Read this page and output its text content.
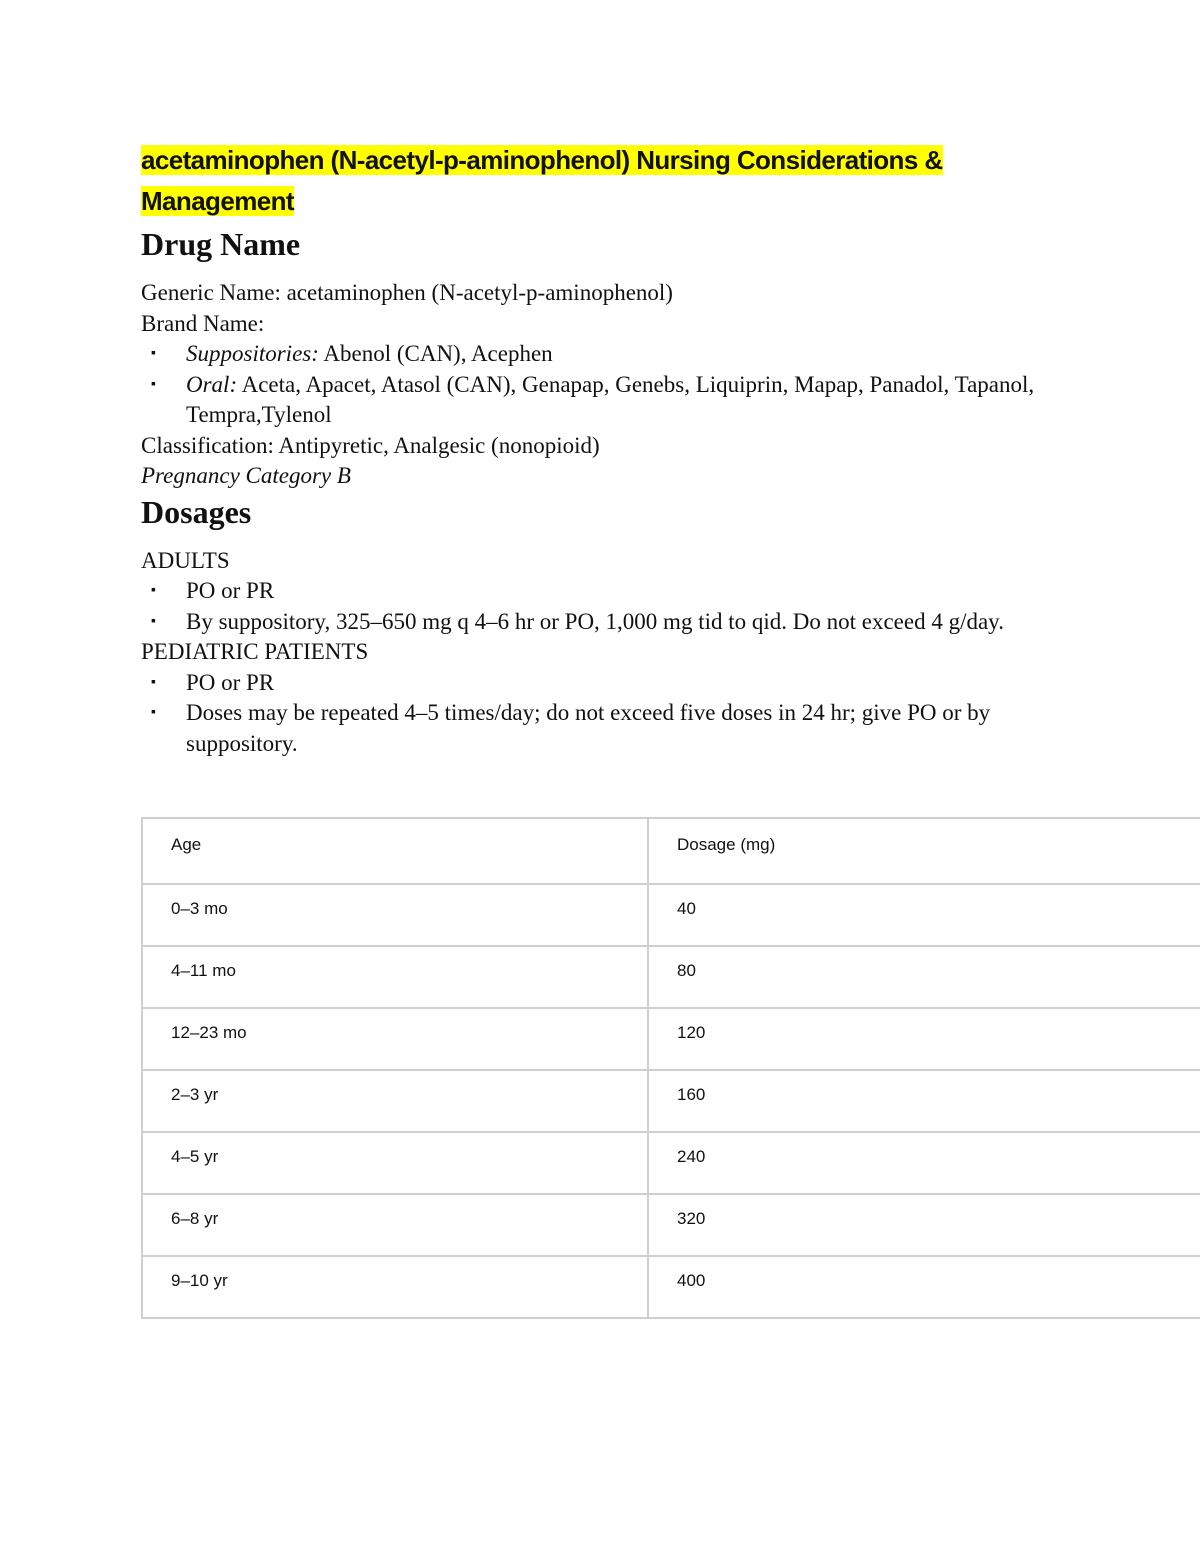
acetaminophen (N-acetyl-p-aminophenol) Nursing Considerations & Management
Drug Name

Generic Name: acetaminophen (N-acetyl-p-aminophenol)

Brand Name:

▪ Suppositories: Abenol (CAN), Acephen
▪ Oral: Aceta, Apacet, Atasol (CAN), Genapap, Genebs, Liquiprin, Mapap, Panadol, Tapanol, Tempra,Tylenol

Classification: Antipyretic, Analgesic (nonopioid)

Pregnancy Category B

Dosages

ADULTS

▪ PO or PR
▪ By suppository, 325–650 mg q 4–6 hr or PO, 1,000 mg tid to qid. Do not exceed 4 g/day.

PEDIATRIC PATIENTS

▪ PO or PR
▪ Doses may be repeated 4–5 times/day; do not exceed five doses in 24 hr; give PO or by suppository.
Age	Dosage (mg)
0–3 mo	40
4–11 mo	80
12–23 mo	120
2–3 yr	160
4–5 yr	240
6–8 yr	320
9–10 yr	400
